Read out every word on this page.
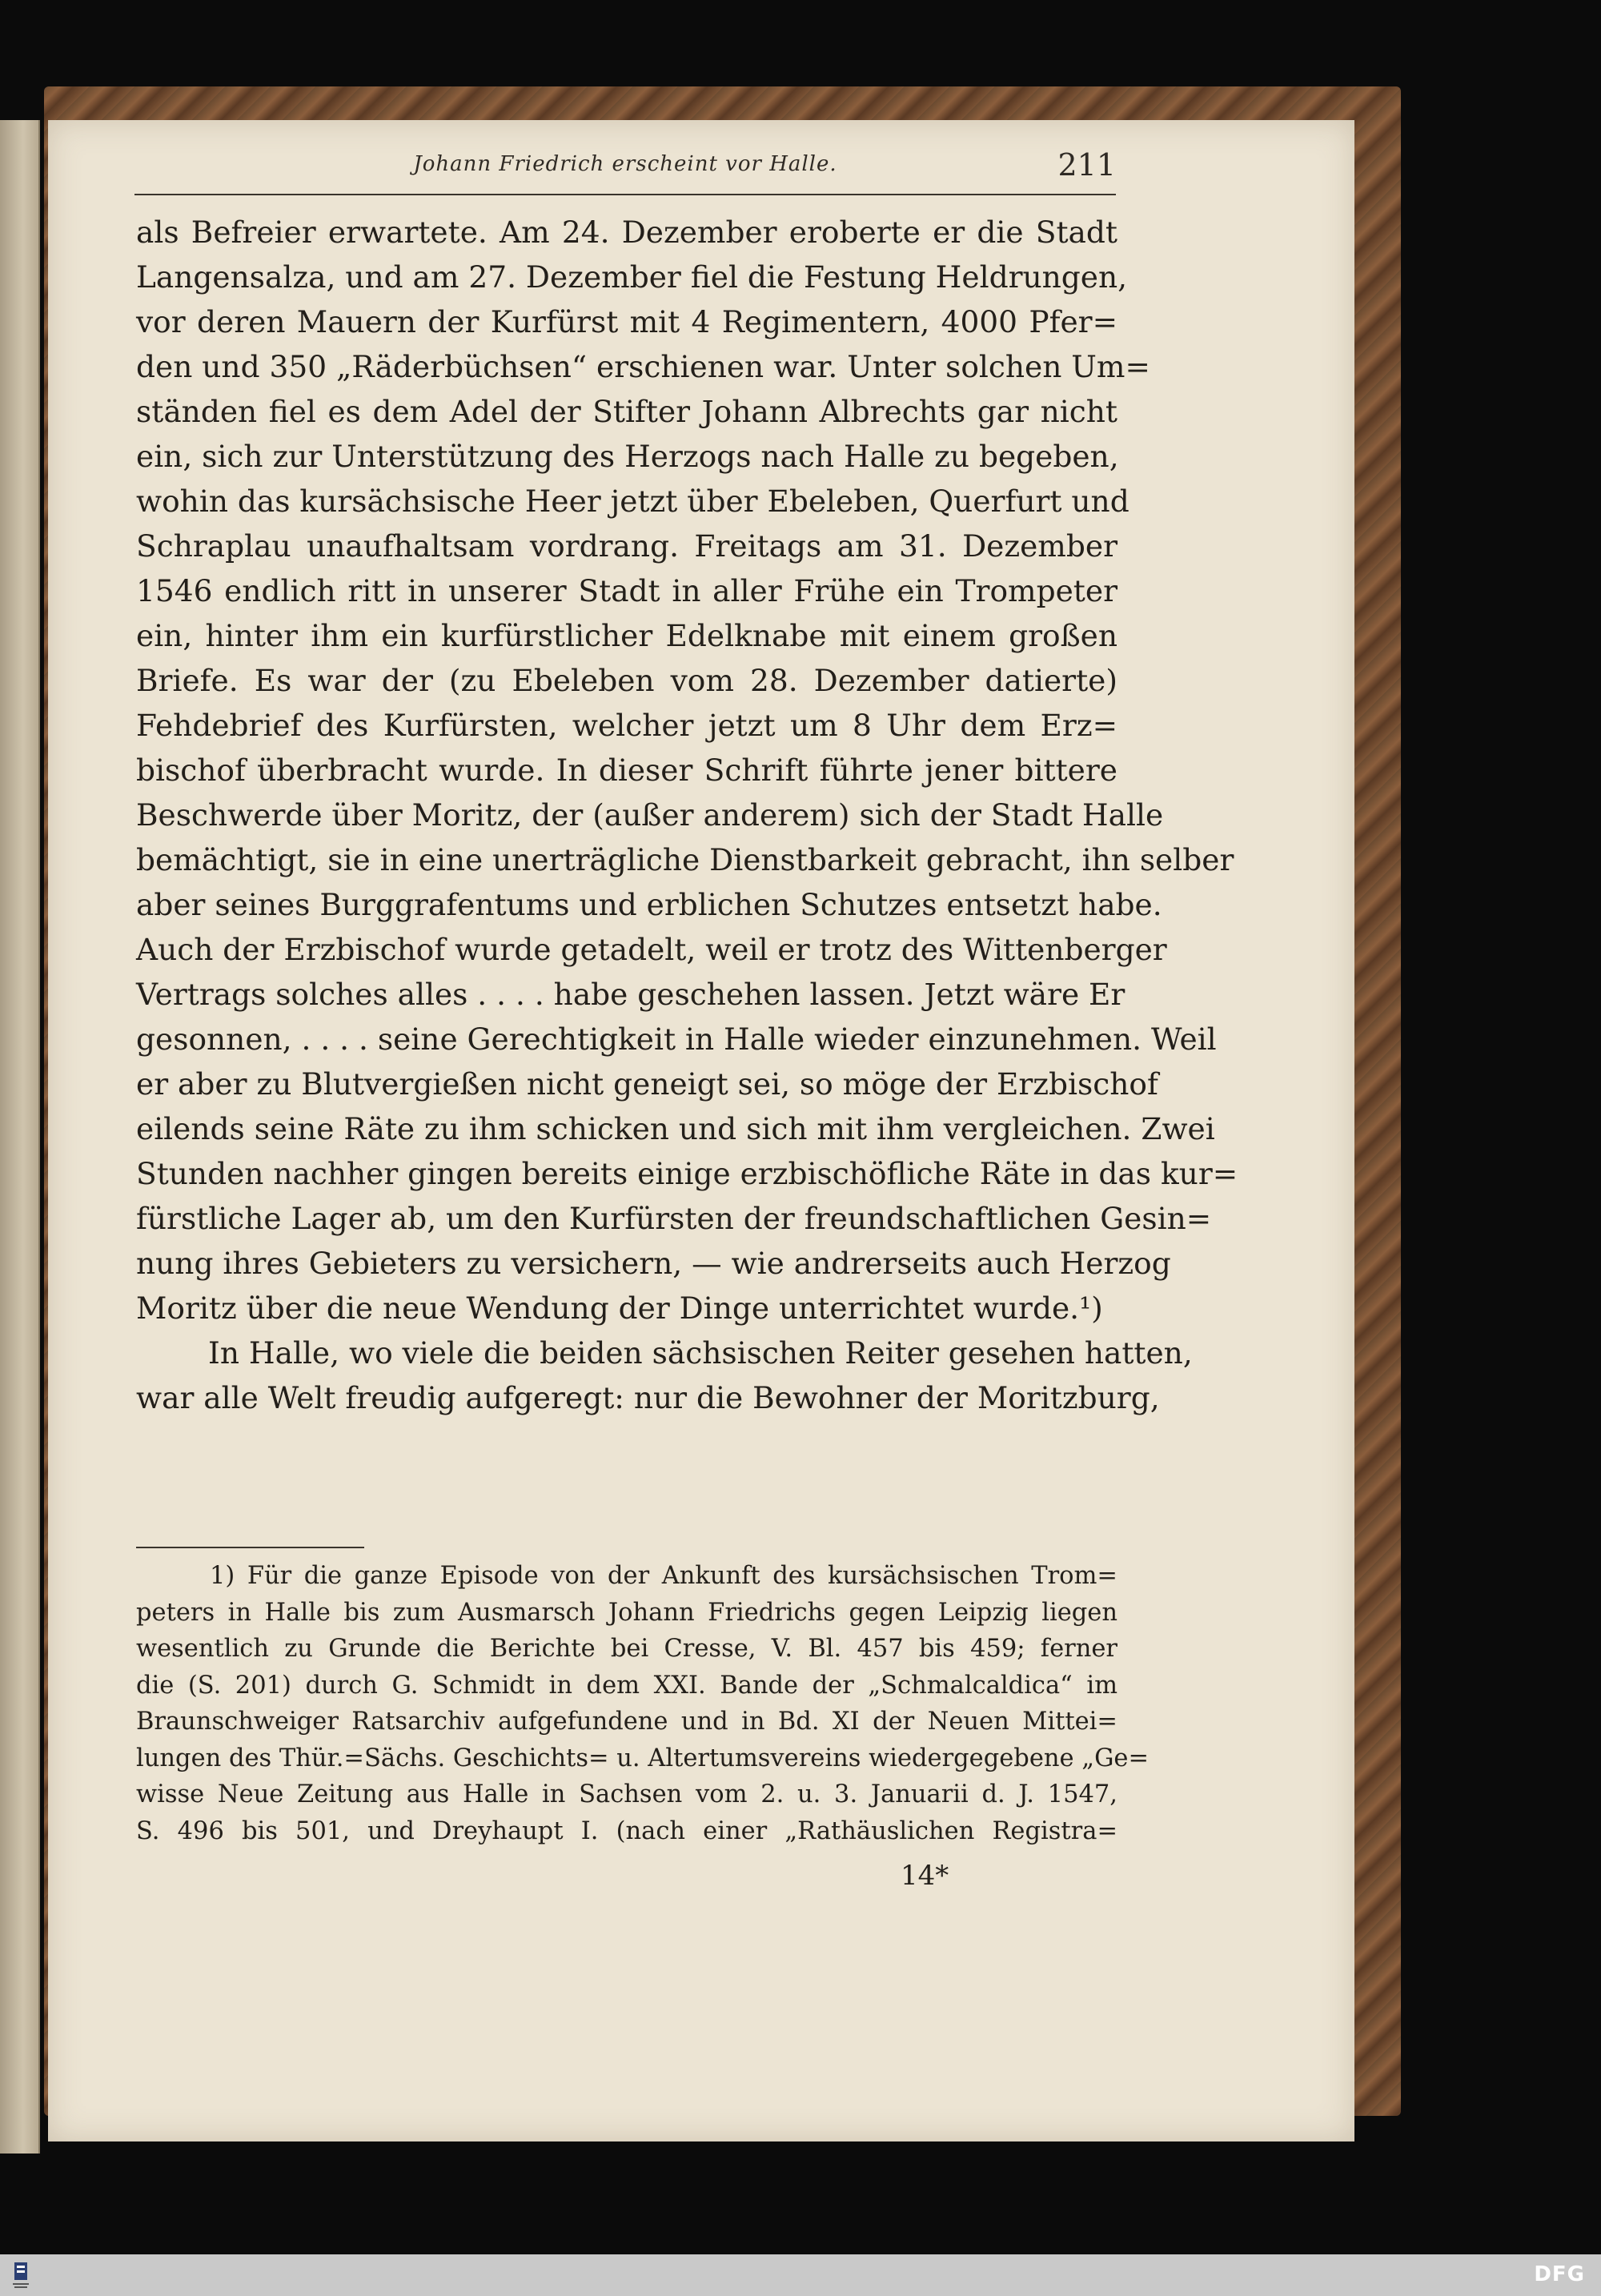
Johann Friedrich erscheint vor Halle.	211
als Befreier erwartete. Am 24. Dezember eroberte er die Stadt
Langensalza, und am 27. Dezember fiel die Festung Heldrungen,
vor deren Mauern der Kurfürst mit 4 Regimentern, 4000 Pfer=
den und 350 „Räderbüchsen“ erschienen war. Unter solchen Um=
ständen fiel es dem Adel der Stifter Johann Albrechts gar nicht
ein, sich zur Unterstützung des Herzogs nach Halle zu begeben,
wohin das kursächsische Heer jetzt über Ebeleben, Querfurt und
Schraplau unaufhaltsam vordrang. Freitags am 31. Dezember
1546 endlich ritt in unserer Stadt in aller Frühe ein Trompeter
ein, hinter ihm ein kurfürstlicher Edelknabe mit einem großen
Briefe. Es war der (zu Ebeleben vom 28. Dezember datierte)
Fehdebrief des Kurfürsten, welcher jetzt um 8 Uhr dem Erz=
bischof überbracht wurde. In dieser Schrift führte jener bittere
Beschwerde über Moritz, der (außer anderem) sich der Stadt Halle
bemächtigt, sie in eine unerträgliche Dienstbarkeit gebracht, ihn selber
aber seines Burggrafentums und erblichen Schutzes entsetzt habe.
Auch der Erzbischof wurde getadelt, weil er trotz des Wittenberger
Vertrags solches alles . . . . habe geschehen lassen. Jetzt wäre Er
gesonnen, . . . . seine Gerechtigkeit in Halle wieder einzunehmen. Weil
er aber zu Blutvergießen nicht geneigt sei, so möge der Erzbischof
eilends seine Räte zu ihm schicken und sich mit ihm vergleichen. Zwei
Stunden nachher gingen bereits einige erzbischöfliche Räte in das kur=
fürstliche Lager ab, um den Kurfürsten der freundschaftlichen Gesin=
nung ihres Gebieters zu versichern, — wie andrerseits auch Herzog
Moritz über die neue Wendung der Dinge unterrichtet wurde.¹)
In Halle, wo viele die beiden sächsischen Reiter gesehen hatten,
war alle Welt freudig aufgeregt: nur die Bewohner der Moritzburg,
1) Für die ganze Episode von der Ankunft des kursächsischen Trom=
peters in Halle bis zum Ausmarsch Johann Friedrichs gegen Leipzig liegen
wesentlich zu Grunde die Berichte bei Cresse, V. Bl. 457 bis 459; ferner
die (S. 201) durch G. Schmidt in dem XXI. Bande der „Schmalcaldica“ im
Braunschweiger Ratsarchiv aufgefundene und in Bd. XI der Neuen Mittei=
lungen des Thür.=Sächs. Geschichts= u. Altertumsvereins wiedergegebene „Ge=
wisse Neue Zeitung aus Halle in Sachsen vom 2. u. 3. Januarii d. J. 1547,
S. 496 bis 501, und Dreyhaupt I. (nach einer „Rathäuslichen Registra=
14*
DFG
